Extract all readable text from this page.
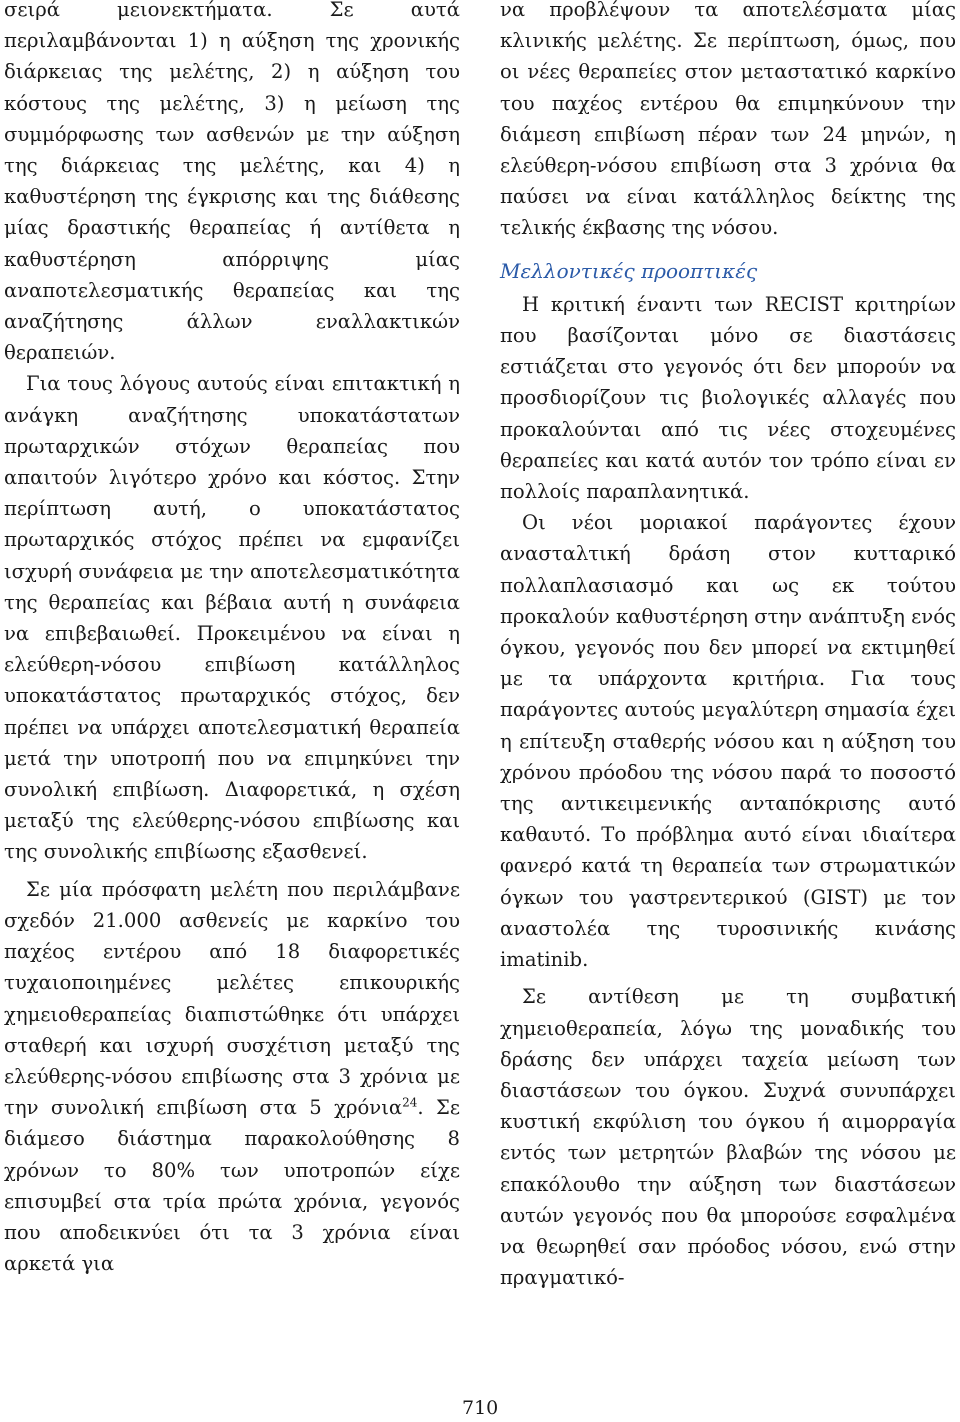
σειρά μειονεκτήματα. Σε αυτά περιλαμβάνονται 1) η αύξηση της χρονικής διάρκειας της μελέτης, 2) η αύξηση του κόστους της μελέτης, 3) η μείωση της συμμόρφωσης των ασθενών με την αύξηση της διάρκειας της μελέτης, και 4) η καθυστέρηση της έγκρισης και της διάθεσης μίας δραστικής θεραπείας ή αντίθετα η καθυστέρηση απόρριψης μίας αναποτελεσματικής θεραπείας και της αναζήτησης άλλων εναλλακτικών θεραπειών.

Για τους λόγους αυτούς είναι επιτακτική η ανάγκη αναζήτησης υποκατάστατων πρωταρχικών στόχων θεραπείας που απαιτούν λιγότερο χρόνο και κόστος. Στην περίπτωση αυτή, ο υποκατάστατος πρωταρχικός στόχος πρέπει να εμφανίζει ισχυρή συνάφεια με την αποτελεσματικότητα της θεραπείας και βέβαια αυτή η συνάφεια να επιβεβαιωθεί. Προκειμένου να είναι η ελεύθερη-νόσου επιβίωση κατάλληλος υποκατάστατος πρωταρχικός στόχος, δεν πρέπει να υπάρχει αποτελεσματική θεραπεία μετά την υποτροπή που να επιμηκύνει την συνολική επιβίωση. Διαφορετικά, η σχέση μεταξύ της ελεύθερης-νόσου επιβίωσης και της συνολικής επιβίωσης εξασθενεί.

Σε μία πρόσφατη μελέτη που περιλάμβανε σχεδόν 21.000 ασθενείς με καρκίνο του παχέος εντέρου από 18 διαφορετικές τυχαιοποιημένες μελέτες επικουρικής χημειοθεραπείας διαπιστώθηκε ότι υπάρχει σταθερή και ισχυρή συσχέτιση μεταξύ της ελεύθερης-νόσου επιβίωσης στα 3 χρόνια με την συνολική επιβίωση στα 5 χρόνια$^{24}$. Σε διάμεσο διάστημα παρακολούθησης 8 χρόνων το 80% των υποτροπών είχε επισυμβεί στα τρία πρώτα χρόνια, γεγονός που αποδεικνύει ότι τα 3 χρόνια είναι αρκετά για

να προβλέψουν τα αποτελέσματα μίας κλινικής μελέτης. Σε περίπτωση, όμως, που οι νέες θεραπείες στον μεταστατικό καρκίνο του παχέος εντέρου θα επιμηκύνουν την διάμεση επιβίωση πέραν των 24 μηνών, η ελεύθερη-νόσου επιβίωση στα 3 χρόνια θα παύσει να είναι κατάλληλος δείκτης της τελικής έκβασης της νόσου.

Μελλοντικές προοπτικές

Η κριτική έναντι των RECIST κριτηρίων που βασίζονται μόνο σε διαστάσεις εστιάζεται στο γεγονός ότι δεν μπορούν να προσδιορίζουν τις βιολογικές αλλαγές που προκαλούνται από τις νέες στοχευμένες θεραπείες και κατά αυτόν τον τρόπο είναι εν πολλοίς παραπλανητικά.

Οι νέοι μοριακοί παράγοντες έχουν ανασταλτική δράση στον κυτταρικό πολλαπλασιασμό και ως εκ τούτου προκαλούν καθυστέρηση στην ανάπτυξη ενός όγκου, γεγονός που δεν μπορεί να εκτιμηθεί με τα υπάρχοντα κριτήρια. Για τους παράγοντες αυτούς μεγαλύτερη σημασία έχει η επίτευξη σταθερής νόσου και η αύξηση του χρόνου πρόοδου της νόσου παρά το ποσοστό της αντικειμενικής ανταπόκρισης αυτό καθαυτό. Το πρόβλημα αυτό είναι ιδιαίτερα φανερό κατά τη θεραπεία των στρωματικών όγκων του γαστρεντερικού (GIST) με τον αναστολέα της τυροσινικής κινάσης imatinib.

Σε αντίθεση με τη συμβατική χημειοθεραπεία, λόγω της μοναδικής του δράσης δεν υπάρχει ταχεία μείωση των διαστάσεων του όγκου. Συχνά συνυπάρχει κυστική εκφύλιση του όγκου ή αιμορραγία εντός των μετρητών βλαβών της νόσου με επακόλουθο την αύξηση των διαστάσεων αυτών γεγονός που θα μπορούσε εσφαλμένα να θεωρηθεί σαν πρόοδος νόσου, ενώ στην πραγματικό-

710
